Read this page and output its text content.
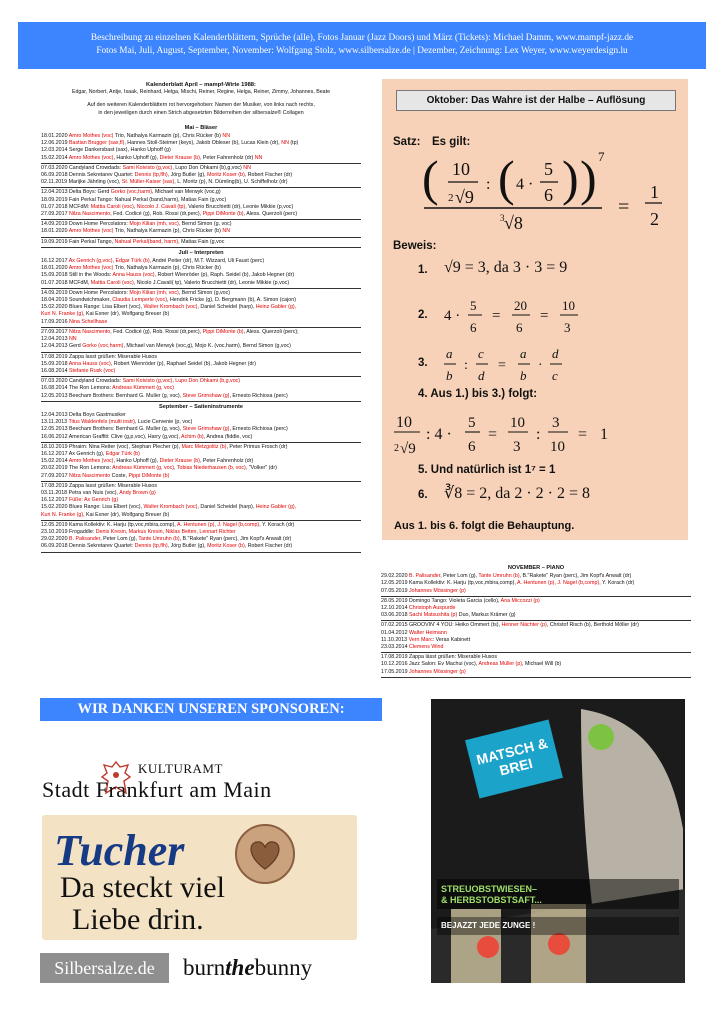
Beschreibung zu einzelnen Kalenderblättern, Sprüche (alle), Fotos Januar (Jazz Doors) und März (Tickets): Michael Damm, www.mampf-jazz.de
Fotos Mai, Juli, August, September, November: Wolfgang Stolz, www.silbersalze.de | Dezember, Zeichnung: Lex Weyer, www.weyerdesign.lu
Kalenderblatt April – mampf-Wirte 1988:
Edgar, Norbert, Antje, Isaak, Reinhard, Helga, Mischi, Reiner, Regine, Helga, Reiner, Zimmy, Johannes, Beate
Auf den weiteren Kalenderblättern rot hervorgehoben: Namen der Musiker, von links nach rechts,
in den jeweiligen durch einen Strich abgesetzten Bilderreihen der silbersalze® Collagen
Mai – Bläser
18.01.2020 Amro Mothes (voc) Trio, Nathalya Karmazin (p), Chris Rücker (b) NN
12.06.2019 Bastian Brugger (sax,fl), Hannes Stoll-Steimer (keys), Jakob Obleser (b), Lucas Klein (dr), NN (tp)
12.03.2014 Serge Dankersbast (sax), Hanko Uphoff (g)
15.02.2014 Amro Mothes (voc), Hanko Uphoff (g), Dieter Krause (b), Peter Fahrenholz (dr) NN
07.03.2020 Candyland Crowdads: Sami Koivisto (g,voc), Lupo Don Ohkami (b),g,voc) NN
06.09.2018 Dennis Sekretarev Quartet: Dennis (tp,flh), Jörg Butler (g), Moritz Koser (b), Robert Fischer (dr)
02.11.2019 Marijke Jährling (voc), St. Müller-Kaiser (sax), L. Moritz (p), N. Dümling(b), U. Schiffelholz (dr)
12.04.2013 Delta Boys: Gerd Gorko (voc,harm), Michael van Merwyk (voc,g)
18.09.2019 Fain Perkal Tango: Nahual Perkal (band,harm), Matias Fain (g,voc)
01.07.2018 MCFdM: Mattia Caroli (voc), Niccolo J. Cavali (tp), Valerio Brucchietti (dr), Leonie Mikkie (p,voc)
27.09.2017 Nilza Nascimento, Fed. Codicé (g), Rob. Rossi (dr,perc), Pippi DiMonte (b), Aless. Querzoli (perc)
14.09.2019 Down Home Percolators: Mojo Kilian (mh, voc), Bernd Simon (g, voc)
18.01.2020 Amro Mothes (voc) Trio, Nathalya Karmazin (p), Chris Rücker (b) NN
19.09.2019 Fain Perkal Tango, Nahual Perkal(band, harm), Matias Fain (g,voc
Juli – Interpreten
16.12.2017 Ax Genrich (g,voc), Edgar Türk (b), André Peiter (dr), M.T. Wizzard, Uli Faust (perc)
18.01.2020 Amro Mothes (voc) Trio, Nathalya Karmazin (p), Chris Rücker (b)
15.09.2018 Still in the Woods: Anna Hauss (voc), Robert Wienröder (p), Raph. Seidel (b), Jakob Hegner (dr)
01.07.2018 MCFdM, Mattia Caroli (voc), Nicolo J.Cavali( tp), Valerio Brucchietti (dr), Leonie Mikkie (p,voc)
14.09.2019 Down Home Percolators: Mojo Kilian (mh, voc), Bernd Simon (g,voc)
18.04.2019 Soundwichmaker, Claudia Lemperle (voc), Hendrik Fricke (g), D. Bergmann (b), A. Simon (cajon)
15.02.2020 Blues Range: Lisa Elbert (voc), Walter Krombach (voc), Daniel Scheidel (harp), Heinz Gabler (g),
Kuri N. Franke (g), Kai Exner (dr), Wolfgang Breuer (b)
17.09.2016 Nina Schellhase
27.09.2017 Nilza Nascimento, Fed. Codicé (g), Rob. Rossi (dr,perc), Pippi DiMonte (b), Aless. Querzoli (perc);
12.04.2013 NN
12.04.2013 Gerd Gorko (voc,harm), Michael van Merwyk (voc,g), Mojo K. (voc,harm), Bernd Simon (g,voc)
17.08.2019 Zappa lasst grüßen: Miserable Husos
15.09.2018 Anna Hauss (voc), Robert Wienröder (p), Raphael Seidel (b), Jakob Hegner (dr)
16.08.2014 Stefanie Rusk (voc)
07.03.2020 Candyland Crowdads: Sami Koivisto (g,voc), Lupo Don Ohkami (b,g,voc)
16.08.2014 The Ron Lemons: Andreas Kümmert (g, voc)
12.05.2013 Beecham Brothers: Bernhard G. Muller (g, voc), Steve Grimshaw (g), Ernesto Richiosa (perc)
September – Saiteninstrumente
12.04.2013 Delta Boys Gastmusiker
13.11.2013 Titus Waldenfels (multi instr), Lucie Cervenie (p, voc)
12.05.2013 Beecham Brothers: Bernhard G. Muller (g, voc), Steve Grimshaw (g), Ernesto Richiosa (perc)
16.06.2012 American Graffiti: Clive (g,p,voc), Harry (g,voc), Achim (b), Andrea (fiddle, voc)
18.10.2019 Phraim: Nina Reiter (voc), Stephan Plecher (p), Marc Metzgolitz (b), Peter Primus Frosch (dr)
16.12.2017 Ax Genrich (g), Edgar Türk (b)
15.02.2014 Amro Mothes (voc), Hanko Uphoff (g), Dieter Krause (b), Peter Fahrenholz (dr)
20.02.2019 The Ron Lemons: Andreas Kümmert (g, voc), Tobias Niederhausen (b, voc), "Volker" (dr)
27.09.2017 Nilza Nascimento Coste, Pippi DiMonte (b)
17.08.2019 Zappa lasst grüßen: Miserable Husos
03.11.2018 Petra van Nuis (voc), Andy Brown (g)
16.12.2017 Füße: Ax Genrich (g)
15.02.2020 Blues Range: Lisa Elbert (voc), Walter Krombach (voc), Daniel Scheidel (harp), Heinz Gabler (g),
Kuri N. Franke (g), Kai Exner (dr), Wolfgang Breuer (b)
12.05.2019 Kama Kollektiv: K. Harju (tp,voc,mbira,comp), A. Hentunen (p), J. Nagel (b,comp), Y. Korach (dr)
23.10.2019 Frogaddle: Denis Kresin, Markus Kresin, Niklas Beiten, Lennart Richter
29.02.2020 B. Palisander, Peter Lom (g), Tante Umruhn (b), B."Rakete" Ryan (perc), Jim Kopf's Anwalt (dr)
06.09.2018 Dennis Sekretarev Quartet: Dennis (tp,flh), Jörg Butler (g), Moritz Koser (b), Robert Fischer (dr)
Oktober: Das Wahre ist der Halbe – Auflösung
Satz: Es gilt:
( 10
2 √9
: ( 4 ·
5
6 ) ) 7
3 √8
=
1
2
Beweis:
1. √9 = 3, da 3 · 3 = 9
2. 4 ·
5
6
=
20
6
=
10
3
3.
a
b
:
c
d
=
a
b
·
d
c
4. Aus 1.) bis 3.) folgt:
10
2 √9
: 4 ·
5
6
=
10
3
:
3
10
= 1
5. Und natürlich ist 1⁷ = 1
6. ∛8 = 2, da 2 · 2 · 2 = 8
Aus 1. bis 6. folgt die Behauptung.
NOVEMBER – PIANO
29.02.2020 B. Palisander, Peter Lom (g), Tante Umruhn (b), B."Rakete" Ryan (perc), Jim Kopf's Anwalt (dr)
12.05.2019 Kama Kollektiv: K. Harju (tp,voc,mbira,comp), A. Hentunen (p), J. Nagel (b,comp), Y. Korach (dr)
07.05.2019 Johannes Mössinger (p)
28.05.2019 Domingo Tango: Violeta Garcia (cello), Ana Miccozzi (p)
12.10.2014 Christoph Auspurde
03.06.2018 Sachi Matsushita (p) Duo, Markus Krämer (g)
07.02.2015 GROOVIN' 4 YOU: Heiko Ommert (ts), Henner Nächter (p), Christof Risch (b), Berthold Möller (dr)
01.04.2012 Walter Heimann
11.10.2013 Vern Marc: Veras Kabinett
23.03.2014 Clemens Wind
17.08.2019 Zappa lässt grüßen: Miserable Husos
10.12.2016 Jazz Salon: Ev Machui (voc), Andreas Müller (p), Michael Will (b)
17.05.2019 Johannes Mössinger (p)
WIR DANKEN UNSEREN SPONSOREN:
KULTURAMT
Stadt Frankfurt am Main
Tucher
Da steckt viel
Liebe drin.
Silbersalze.de	burnthebunny
MATSCH & BREI
STREUOBSTWIESEN–
& HERBSTOBSTSAFT...
BEJAZZT JEDE ZUNGE !
